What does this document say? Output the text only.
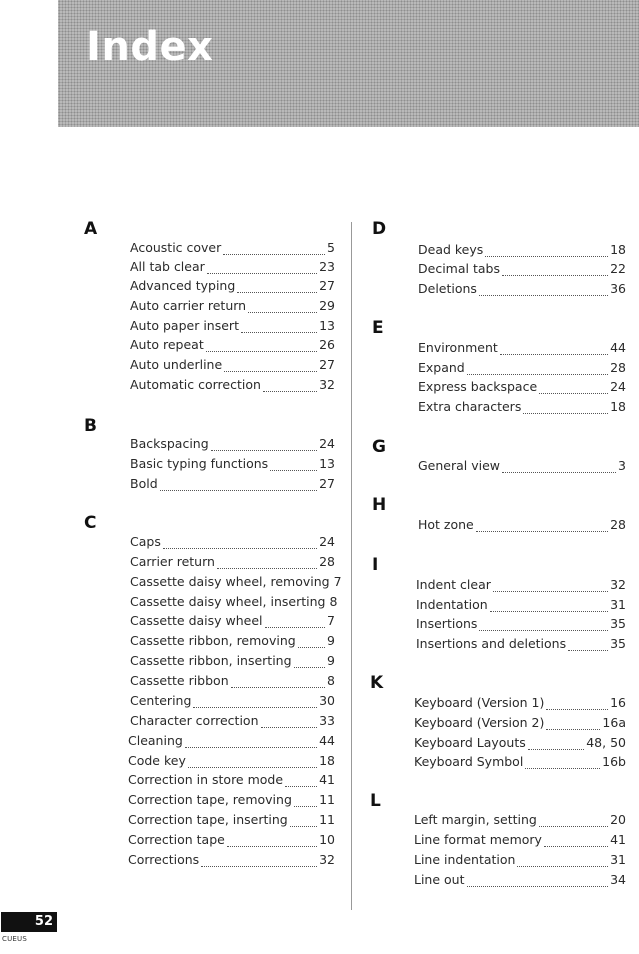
Index
A
Acoustic cover	5
All tab clear	23
Advanced typing	27
Auto carrier return	29
Auto paper insert	13
Auto repeat	26
Auto underline	27
Automatic correction	32
B
Backspacing	24
Basic typing functions	13
Bold	27
C
Caps	24
Carrier return	28
Cassette daisy wheel, removing 7
Cassette daisy wheel, inserting 8
Cassette daisy wheel	7
Cassette ribbon, removing	9
Cassette ribbon, inserting	9
Cassette ribbon	8
Centering	30
Character correction	33
Cleaning	44
Code key	18
Correction in store mode	41
Correction tape, removing 11
Correction tape, inserting	11
Correction tape	10
Corrections	32
D
Dead keys	18
Decimal tabs	22
Deletions	36
E
Environment	44
Expand	28
Express backspace	24
Extra characters	18
G
General view	3
H
Hot zone	28
I
Indent clear	32
Indentation	31
Insertions	35
Insertions and deletions	35
K
Keyboard (Version 1)	16
Keyboard (Version 2)	16a
Keyboard Layouts	48, 50
Keyboard Symbol	16b
L
Left margin, setting	20
Line format memory	41
Line indentation	31
Line out	34
52
CUEUS
